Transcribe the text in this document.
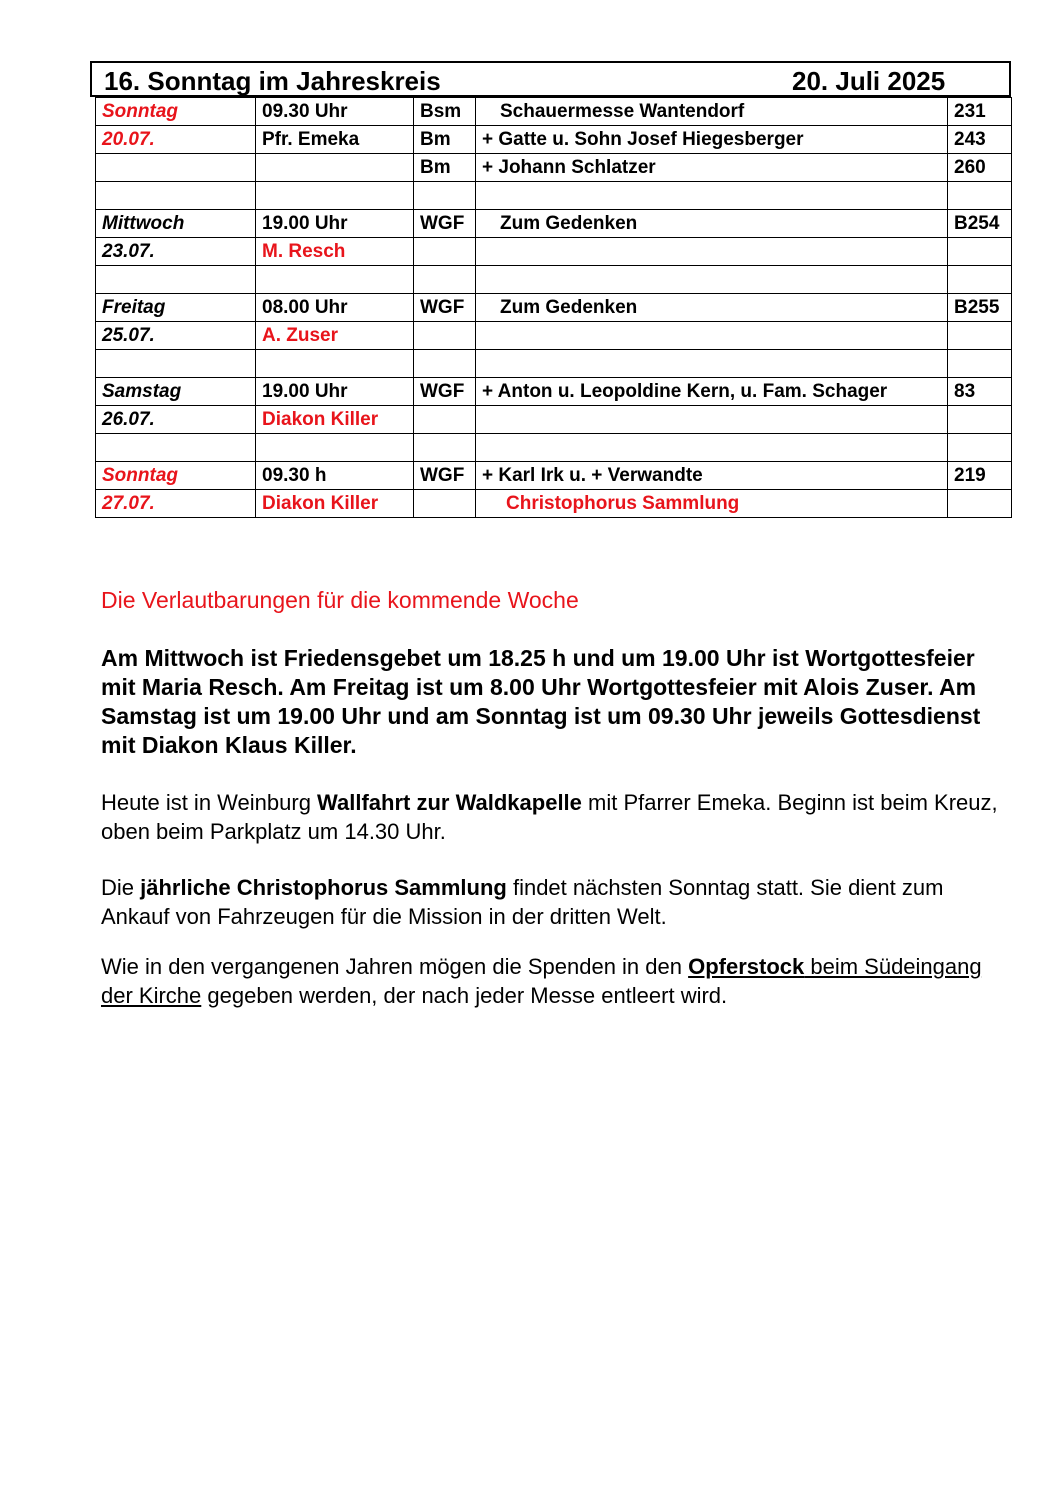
16. Sonntag im Jahreskreis	20. Juli 2025
Sonntag	09.30 Uhr	Bsm	Schauermesse Wantendorf	231
20.07.	Pfr. Emeka	Bm	+ Gatte u. Sohn Josef Hiegesberger	243
		Bm	+ Johann Schlatzer	260

Mittwoch	19.00 Uhr	WGF	Zum Gedenken	B254
23.07.	M. Resch			

Freitag	08.00 Uhr	WGF	Zum Gedenken	B255
25.07.	A. Zuser			

Samstag	19.00 Uhr	WGF	+ Anton u. Leopoldine Kern, u. Fam. Schager	83
26.07.	Diakon Killer			

Sonntag	09.30 h	WGF	+ Karl Irk u. + Verwandte	219
27.07.	Diakon Killer		Christophorus Sammlung	
Die Verlautbarungen für die kommende Woche
Am Mittwoch ist Friedensgebet um 18.25 h und um 19.00 Uhr ist Wortgottesfeier mit Maria Resch. Am Freitag ist um 8.00 Uhr Wortgottesfeier mit Alois Zuser. Am Samstag ist um 19.00 Uhr und am Sonntag ist um 09.30 Uhr jeweils Gottesdienst mit Diakon Klaus Killer.
Heute ist in Weinburg Wallfahrt zur Waldkapelle mit Pfarrer Emeka. Beginn ist beim Kreuz, oben beim Parkplatz um 14.30 Uhr.
Die jährliche Christophorus Sammlung findet nächsten Sonntag statt. Sie dient zum Ankauf von Fahrzeugen für die Mission in der dritten Welt.
Wie in den vergangenen Jahren mögen die Spenden in den Opferstock beim Südeingang der Kirche gegeben werden, der nach jeder Messe entleert wird.
